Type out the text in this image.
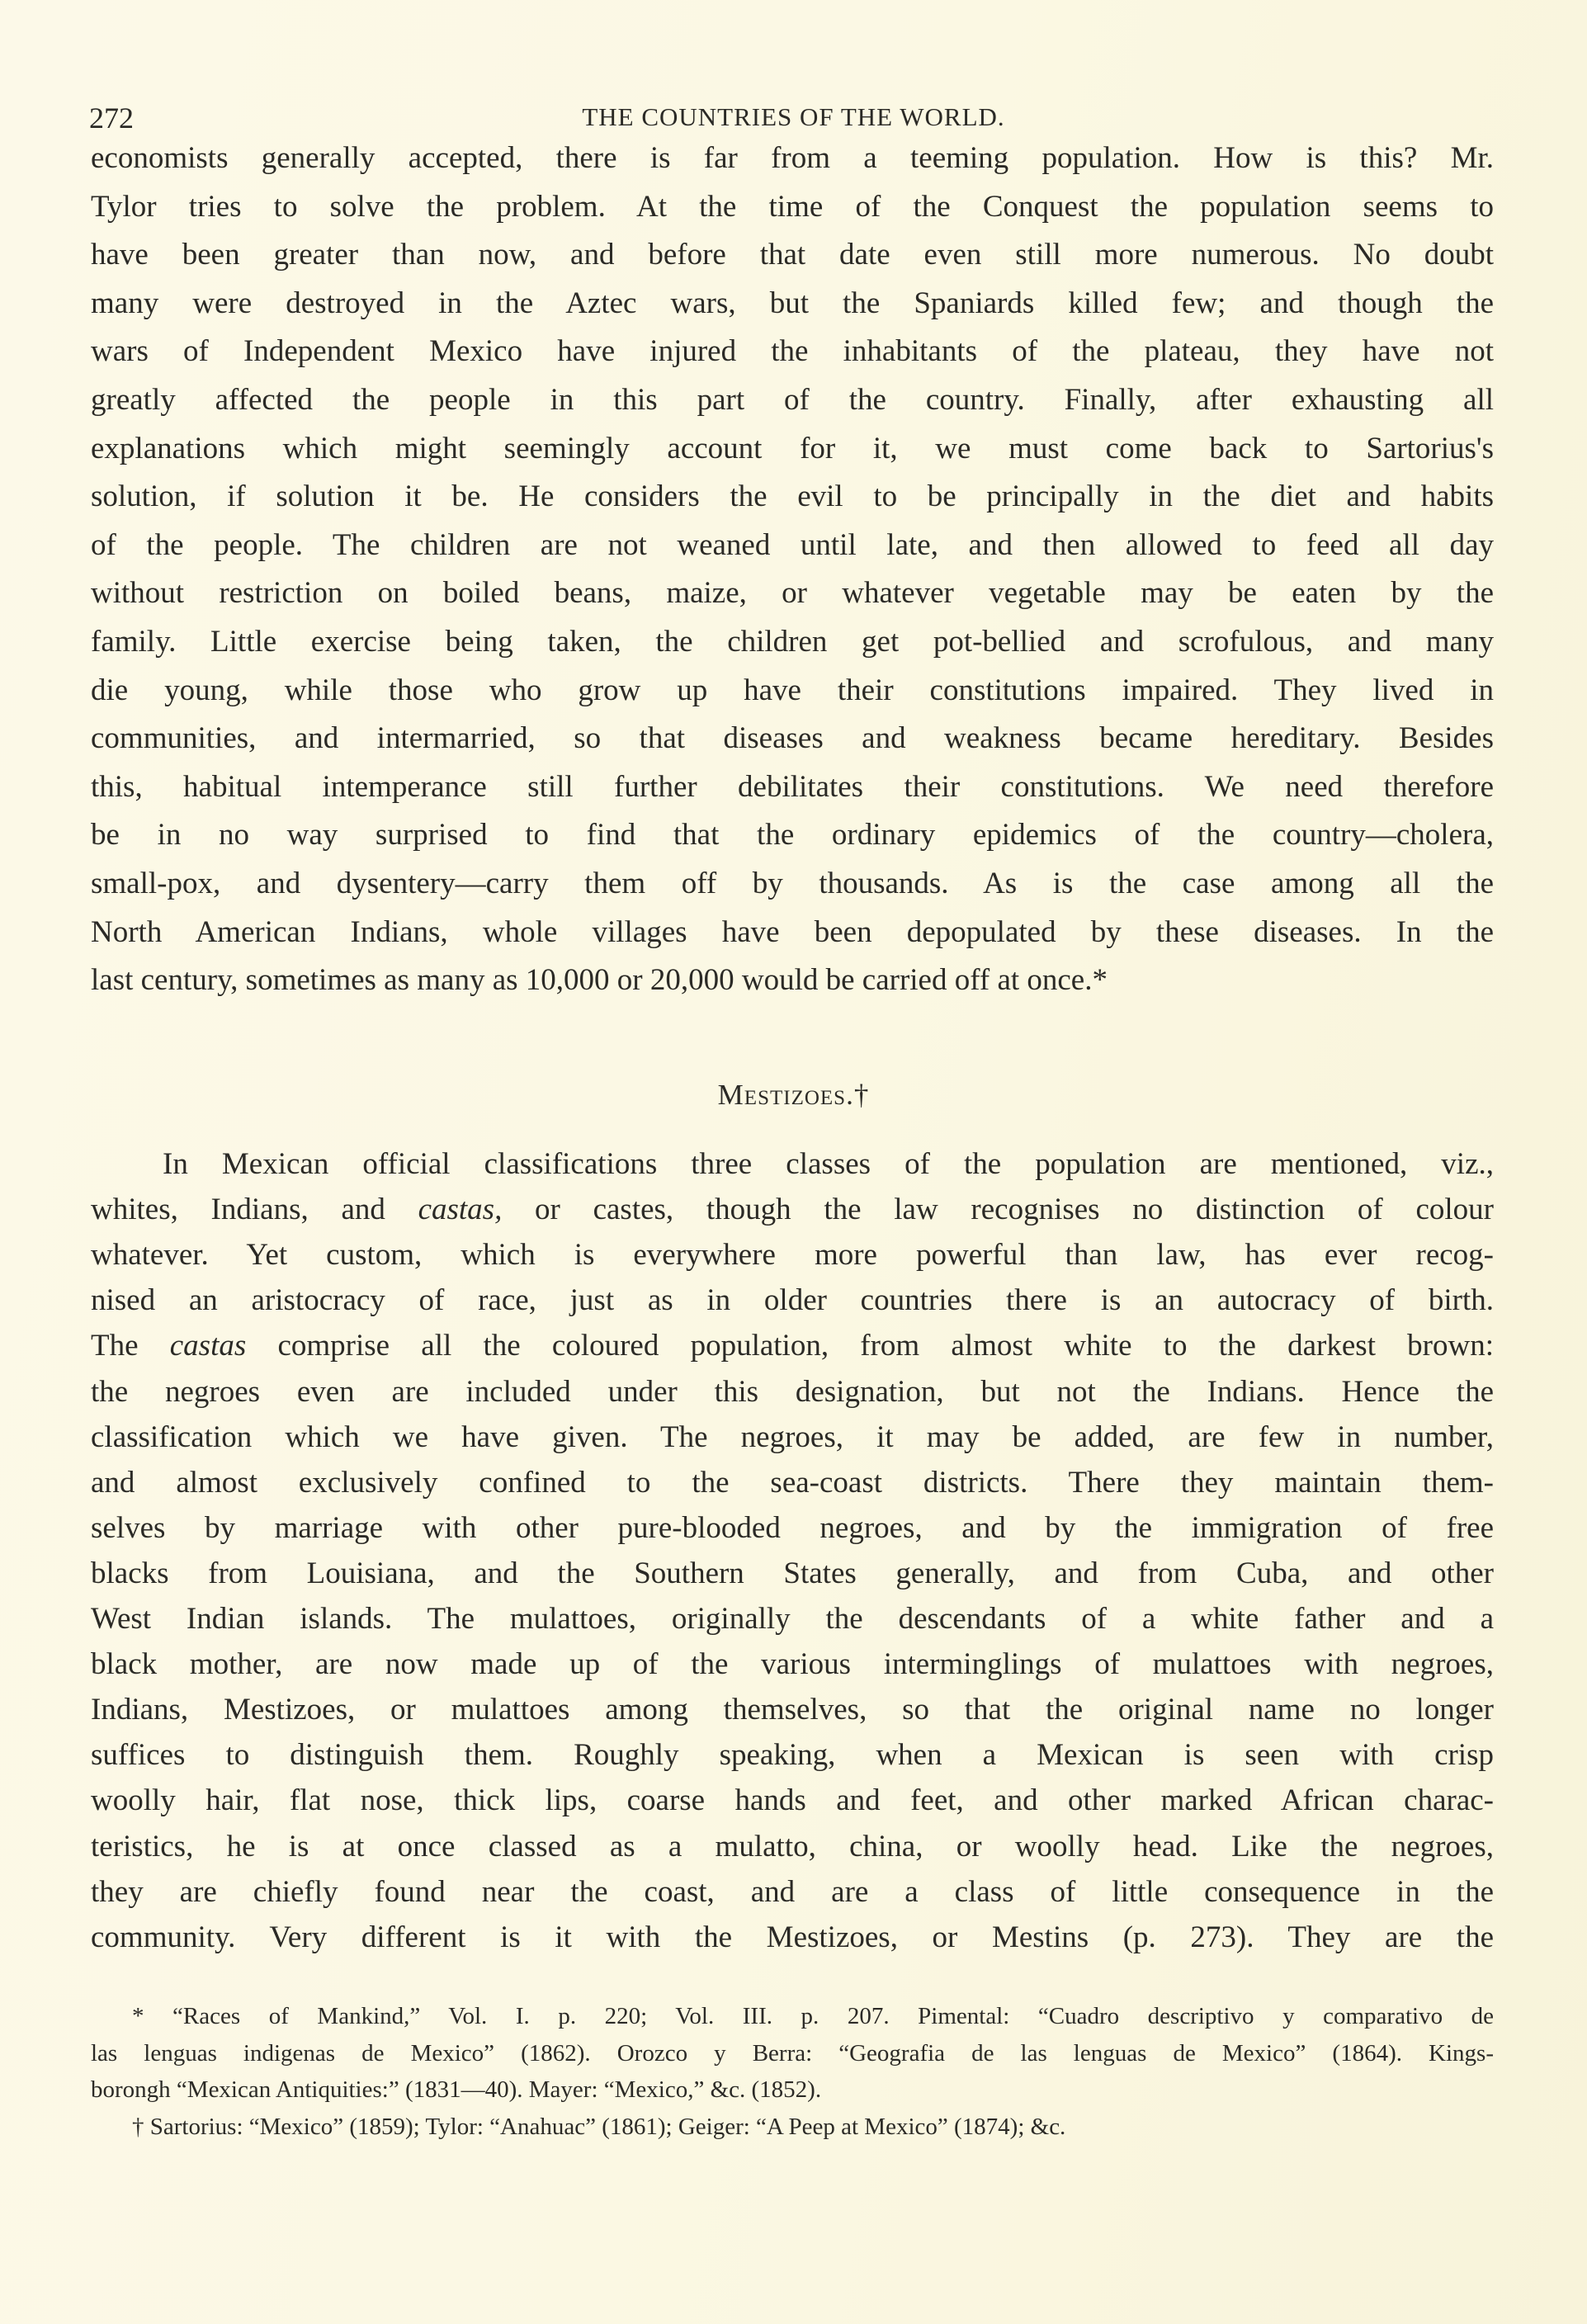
272	THE COUNTRIES OF THE WORLD.
economists generally accepted, there is far from a teeming population. How is this? Mr.
Tylor tries to solve the problem. At the time of the Conquest the population seems to
have been greater than now, and before that date even still more numerous. No doubt
many were destroyed in the Aztec wars, but the Spaniards killed few; and though the
wars of Independent Mexico have injured the inhabitants of the plateau, they have not
greatly affected the people in this part of the country. Finally, after exhausting all
explanations which might seemingly account for it, we must come back to Sartorius's
solution, if solution it be. He considers the evil to be principally in the diet and habits
of the people. The children are not weaned until late, and then allowed to feed all day
without restriction on boiled beans, maize, or whatever vegetable may be eaten by the
family. Little exercise being taken, the children get pot-bellied and scrofulous, and many
die young, while those who grow up have their constitutions impaired. They lived in
communities, and intermarried, so that diseases and weakness became hereditary. Besides
this, habitual intemperance still further debilitates their constitutions. We need therefore
be in no way surprised to find that the ordinary epidemics of the country—cholera,
small-pox, and dysentery—carry them off by thousands. As is the case among all the
North American Indians, whole villages have been depopulated by these diseases. In the
last century, sometimes as many as 10,000 or 20,000 would be carried off at once.*
Mestizoes.†
In Mexican official classifications three classes of the population are mentioned, viz.,
whites, Indians, and castas, or castes, though the law recognises no distinction of colour
whatever. Yet custom, which is everywhere more powerful than law, has ever recog-
nised an aristocracy of race, just as in older countries there is an autocracy of birth.
The castas comprise all the coloured population, from almost white to the darkest brown:
the negroes even are included under this designation, but not the Indians. Hence the
classification which we have given. The negroes, it may be added, are few in number,
and almost exclusively confined to the sea-coast districts. There they maintain them-
selves by marriage with other pure-blooded negroes, and by the immigration of free
blacks from Louisiana, and the Southern States generally, and from Cuba, and other
West Indian islands. The mulattoes, originally the descendants of a white father and a
black mother, are now made up of the various interminglings of mulattoes with negroes,
Indians, Mestizoes, or mulattoes among themselves, so that the original name no longer
suffices to distinguish them. Roughly speaking, when a Mexican is seen with crisp
woolly hair, flat nose, thick lips, coarse hands and feet, and other marked African charac-
teristics, he is at once classed as a mulatto, china, or woolly head. Like the negroes,
they are chiefly found near the coast, and are a class of little consequence in the
community. Very different is it with the Mestizoes, or Mestins (p. 273). They are the
* “Races of Mankind,” Vol. I. p. 220; Vol. III. p. 207. Pimental: “Cuadro descriptivo y comparativo de
las lenguas indigenas de Mexico” (1862). Orozco y Berra: “Geografia de las lenguas de Mexico” (1864). Kings-
borongh “Mexican Antiquities:” (1831—40). Mayer: “Mexico,” &c. (1852).
† Sartorius: “Mexico” (1859); Tylor: “Anahuac” (1861); Geiger: “A Peep at Mexico” (1874); &c.
